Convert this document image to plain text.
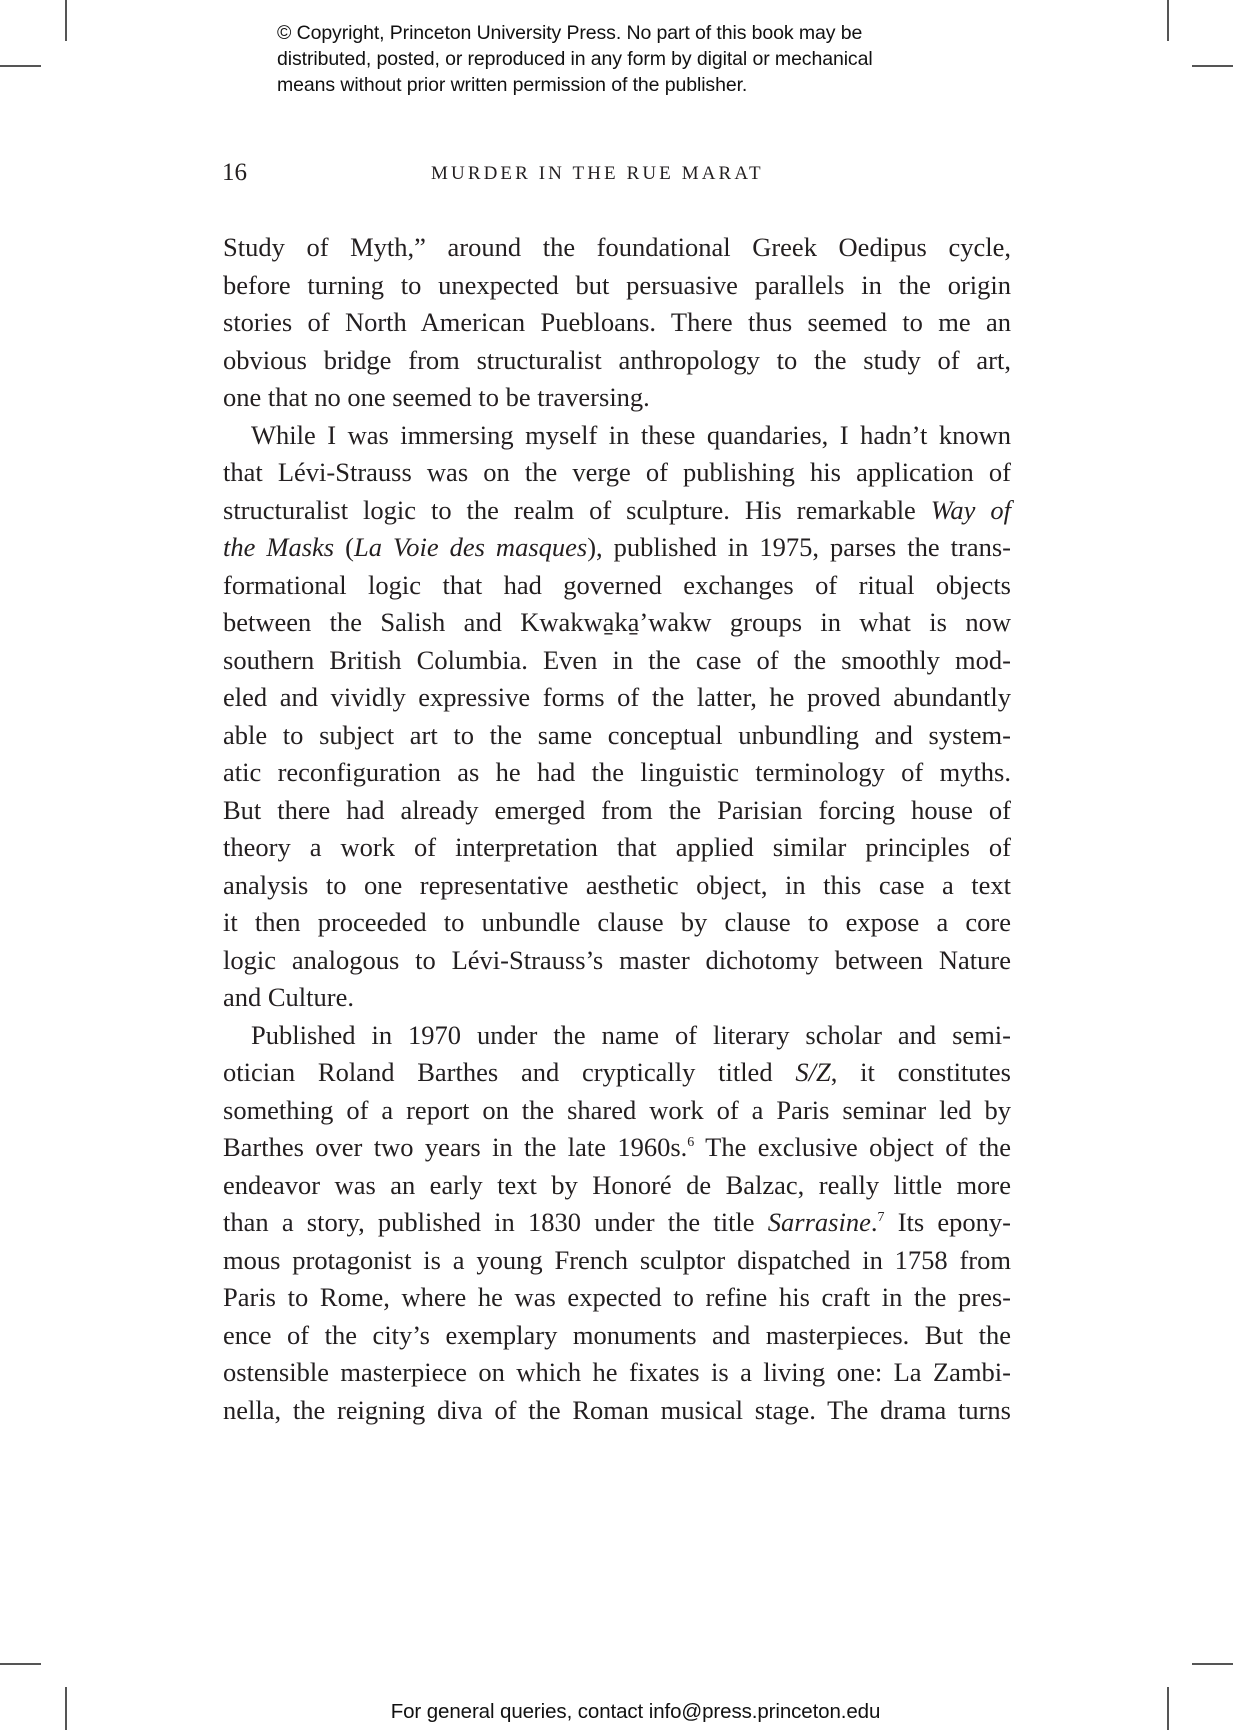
© Copyright, Princeton University Press. No part of this book may be
distributed, posted, or reproduced in any form by digital or mechanical
means without prior written permission of the publisher.
16	MURDER IN THE RUE MARAT
Study of Myth,” around the foundational Greek Oedipus cycle,
before turning to unexpected but persuasive parallels in the origin
stories of North American Puebloans. There thus seemed to me an
obvious bridge from structuralist anthropology to the study of art,
one that no one seemed to be traversing.
While I was immersing myself in these quandaries, I hadn’t known
that Lévi-Strauss was on the verge of publishing his application of
structuralist logic to the realm of sculpture. His remarkable Way of
the Masks (La Voie des masques), published in 1975, parses the trans-
formational logic that had governed exchanges of ritual objects
between the Salish and Kwakwa̱ka̱’wakw groups in what is now
southern British Columbia. Even in the case of the smoothly mod-
eled and vividly expressive forms of the latter, he proved abundantly
able to subject art to the same conceptual unbundling and system-
atic reconfiguration as he had the linguistic terminology of myths.
But there had already emerged from the Parisian forcing house of
theory a work of interpretation that applied similar principles of
analysis to one representative aesthetic object, in this case a text
it then proceeded to unbundle clause by clause to expose a core
logic analogous to Lévi-Strauss’s master dichotomy between Nature
and Culture.
Published in 1970 under the name of literary scholar and semi-
otician Roland Barthes and cryptically titled S/Z, it constitutes
something of a report on the shared work of a Paris seminar led by
Barthes over two years in the late 1960s.$^6$ The exclusive object of the
endeavor was an early text by Honoré de Balzac, really little more
than a story, published in 1830 under the title Sarrasine.$^7$ Its epony-
mous protagonist is a young French sculptor dispatched in 1758 from
Paris to Rome, where he was expected to refine his craft in the pres-
ence of the city’s exemplary monuments and masterpieces. But the
ostensible masterpiece on which he fixates is a living one: La Zambi-
nella, the reigning diva of the Roman musical stage. The drama turns
For general queries, contact info@press.princeton.edu
